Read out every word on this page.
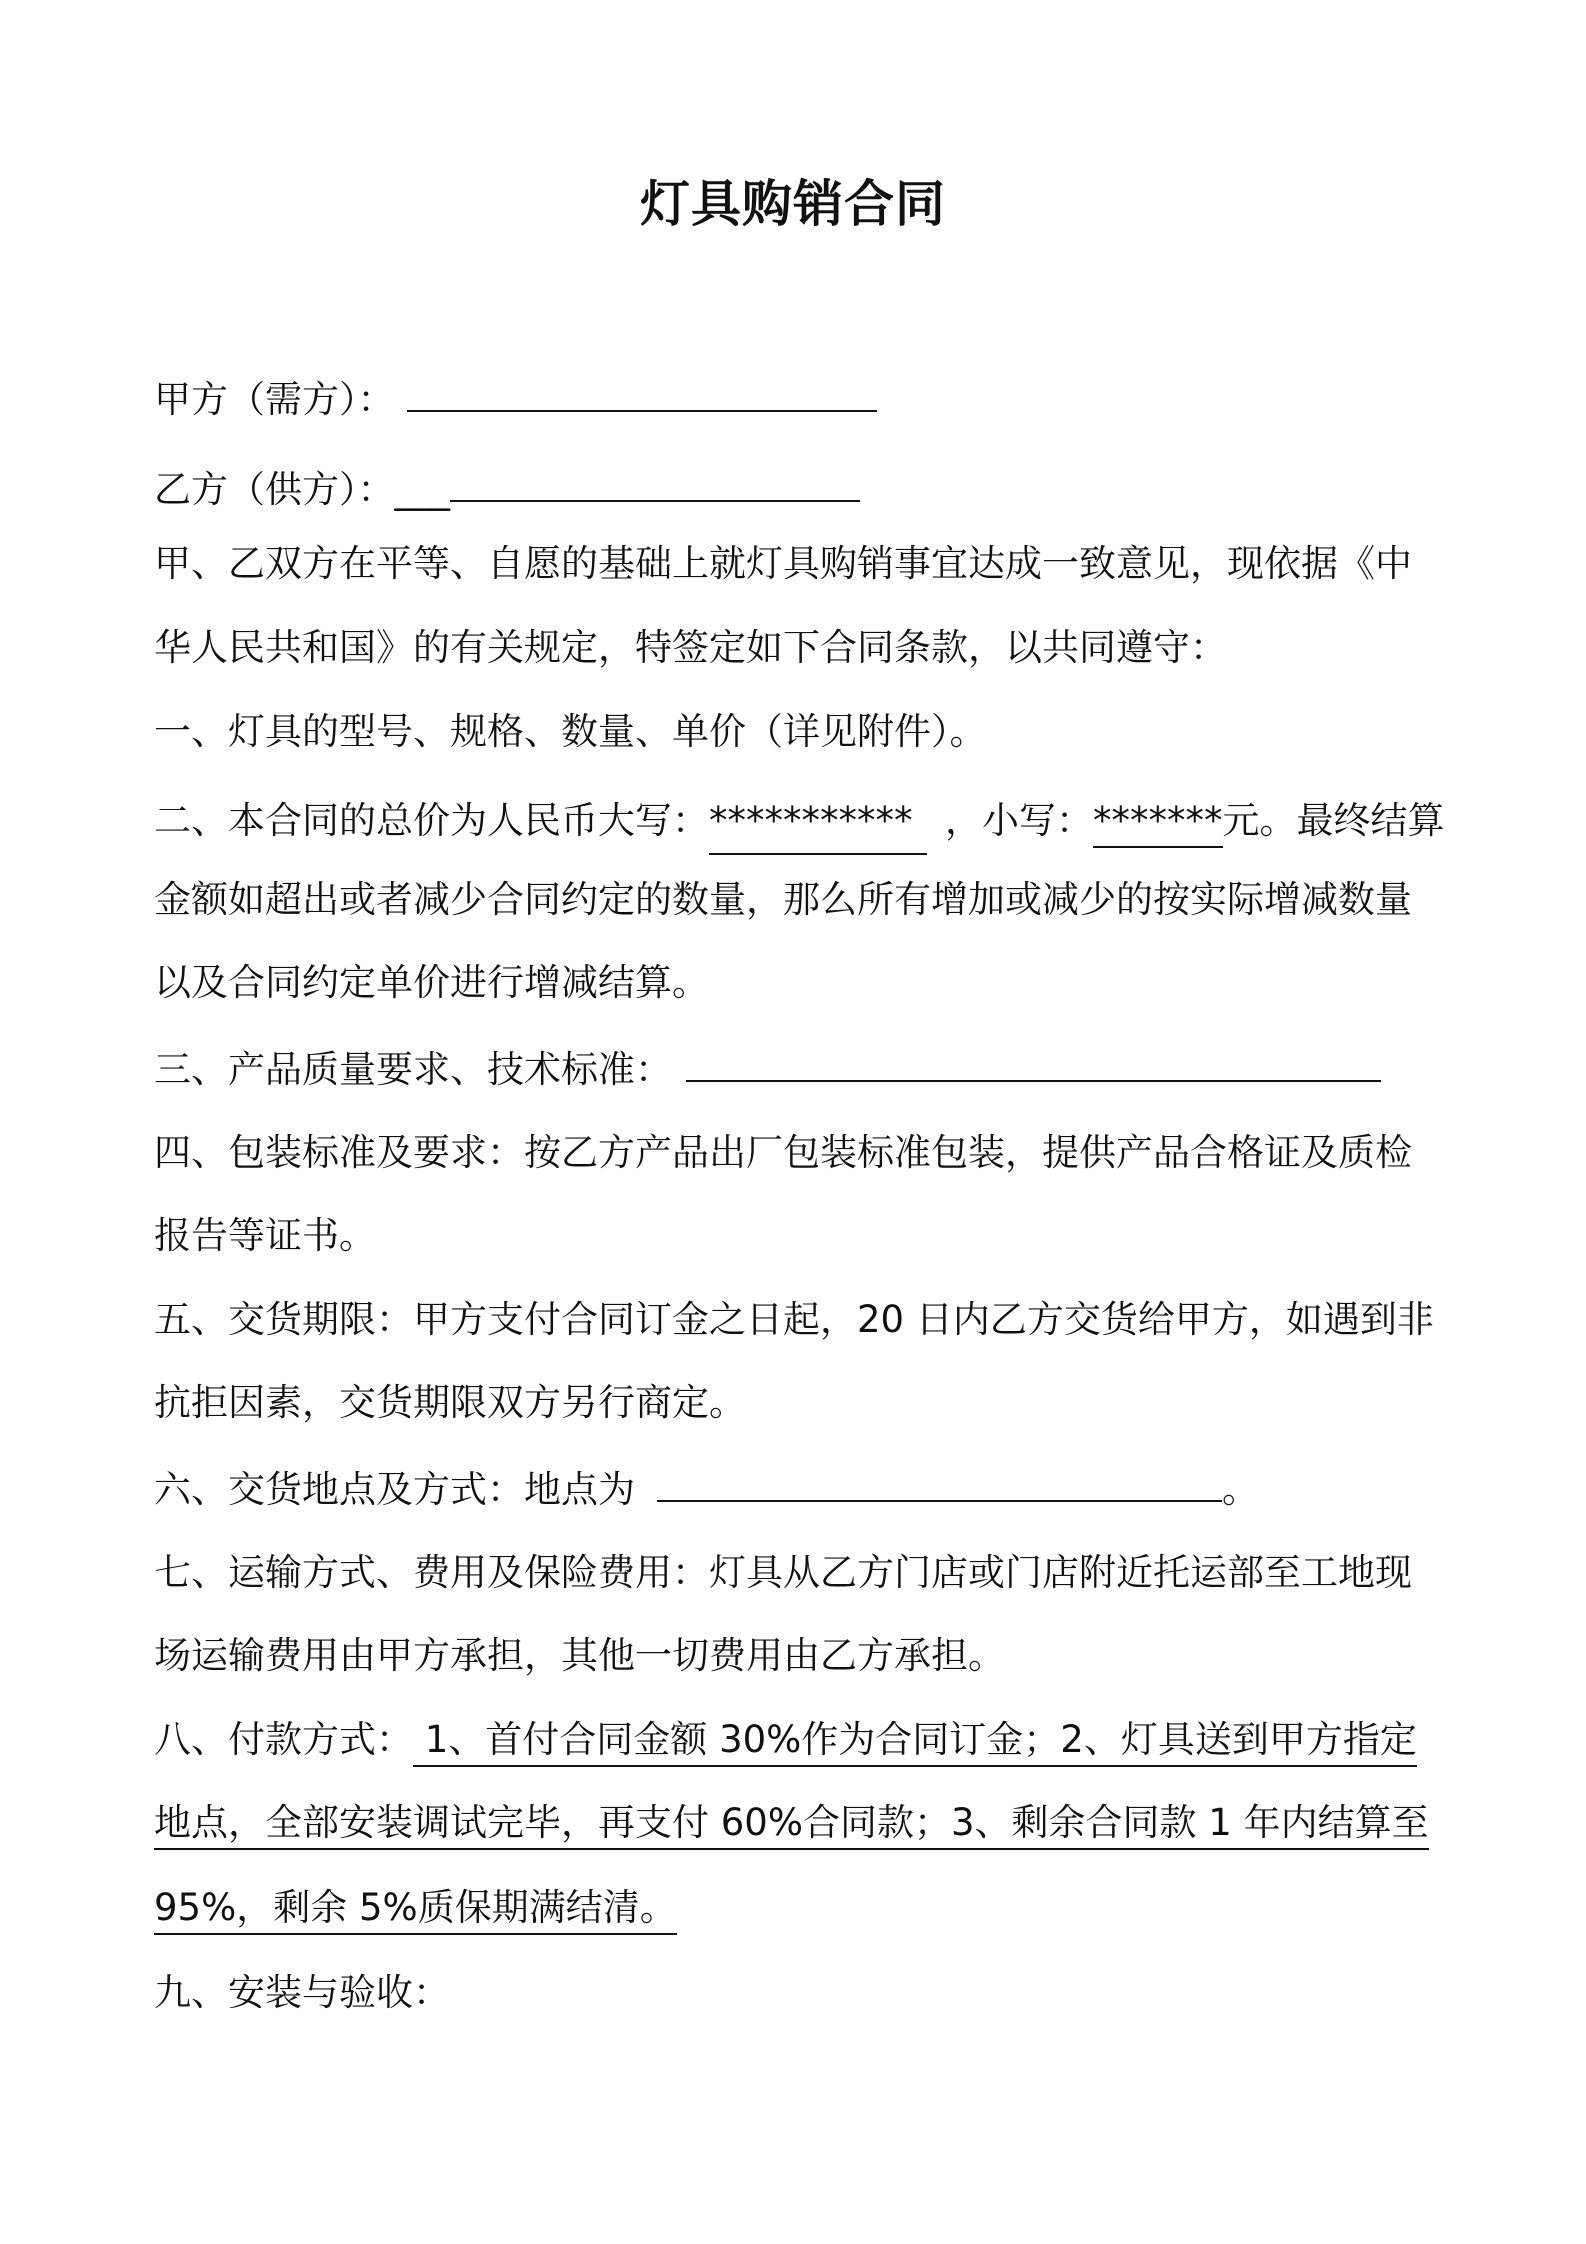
灯具购销合同
甲方（需方）：
乙方（供方）：___
甲、乙双方在平等、自愿的基础上就灯具购销事宜达成一致意见，现依据《中
华人民共和国》的有关规定，特签定如下合同条款，以共同遵守：
一、灯具的型号、规格、数量、单价（详见附件）。
二、本合同的总价为人民币大写：*********** ，小写：*******元。最终结算
金额如超出或者减少合同约定的数量，那么所有增加或减少的按实际增减数量
以及合同约定单价进行增减结算。
三、产品质量要求、技术标准：
四、包装标准及要求：按乙方产品出厂包装标准包装，提供产品合格证及质检
报告等证书。
五、交货期限：甲方支付合同订金之日起，20 日内乙方交货给甲方，如遇到非
抗拒因素，交货期限双方另行商定。
六、交货地点及方式：地点为	。
七、运输方式、费用及保险费用：灯具从乙方门店或门店附近托运部至工地现
场运输费用由甲方承担，其他一切费用由乙方承担。
八、付款方式： 1、首付合同金额 30%作为合同订金；2、灯具送到甲方指定
地点，全部安装调试完毕，再支付 60%合同款；3、剩余合同款 1 年内结算至
95%，剩余 5%质保期满结清。
九、安装与验收：
